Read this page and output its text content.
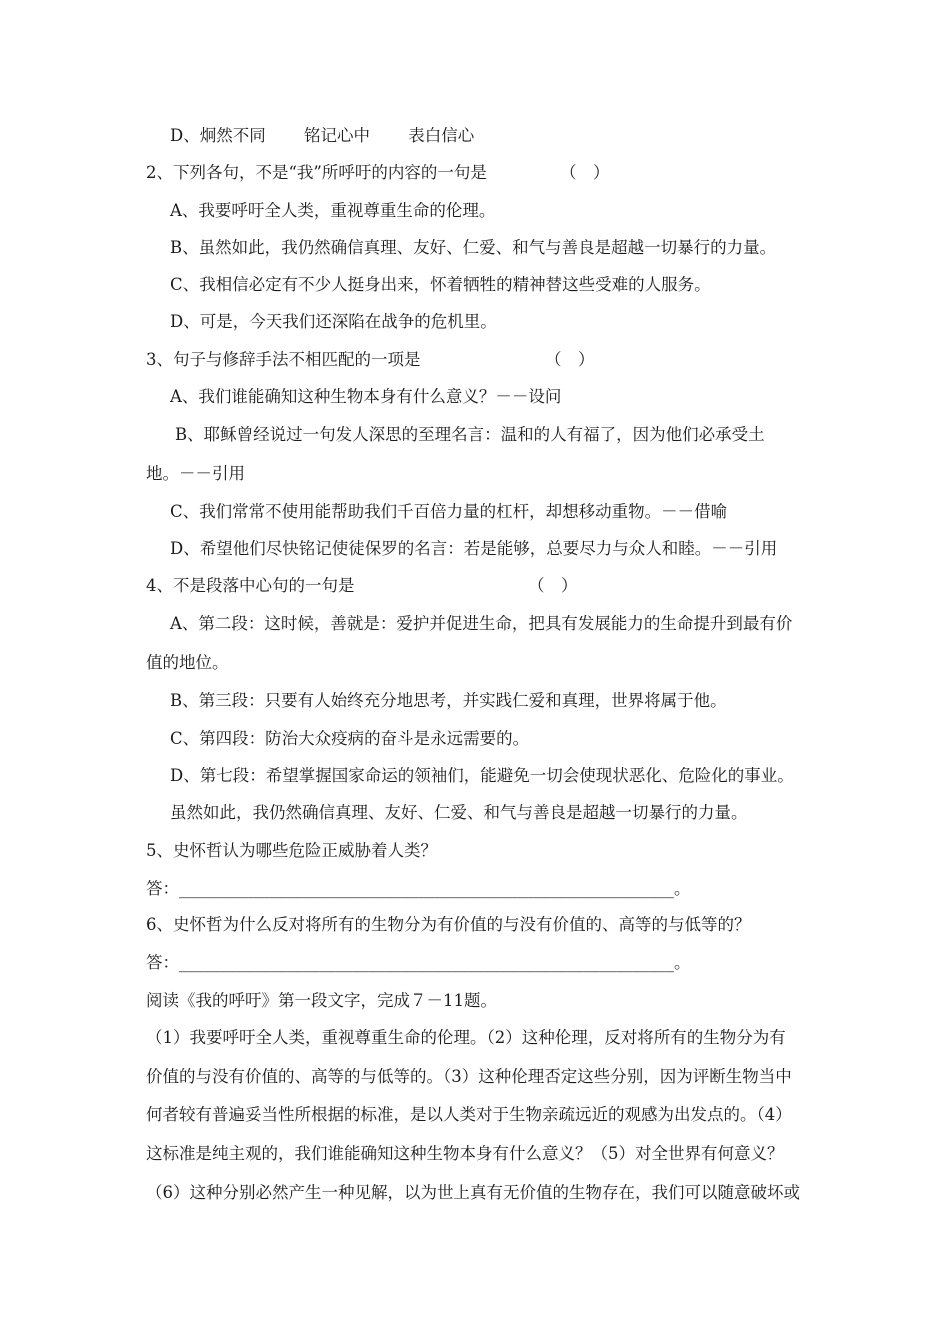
D、炯然不同　　 铭记心中　　 表白信心
2、下列各句，不是“我”所呼吁的内容的一句是	（　）
A、我要呼吁全人类，重视尊重生命的伦理。
B、虽然如此，我仍然确信真理、友好、仁爱、和气与善良是超越一切暴行的力量。
C、我相信必定有不少人挺身出来，怀着牺牲的精神替这些受难的人服务。
D、可是，今天我们还深陷在战争的危机里。
3、句子与修辞手法不相匹配的一项是	（　）
A、我们谁能确知这种生物本身有什么意义？－－设问
B、耶稣曾经说过一句发人深思的至理名言：温和的人有福了，因为他们必承受土
地。－－引用
C、我们常常不使用能帮助我们千百倍力量的杠杆，却想移动重物。－－借喻
D、希望他们尽快铭记使徒保罗的名言：若是能够，总要尽力与众人和睦。－－引用
4、不是段落中心句的一句是	（　）
A、第二段：这时候，善就是：爱护并促进生命，把具有发展能力的生命提升到最有价
值的地位。
B、第三段：只要有人始终充分地思考，并实践仁爱和真理，世界将属于他。
C、第四段：防治大众疫病的奋斗是永远需要的。
D、第七段：希望掌握国家命运的领袖们，能避免一切会使现状恶化、危险化的事业。
虽然如此，我仍然确信真理、友好、仁爱、和气与善良是超越一切暴行的力量。
5、史怀哲认为哪些危险正威胁着人类？
答：____________________________________________________________。
6、史怀哲为什么反对将所有的生物分为有价值的与没有价值的、高等的与低等的？
答：____________________________________________________________。
阅读《我的呼吁》第一段文字，完成７－11题。
（1）我要呼吁全人类，重视尊重生命的伦理。（2）这种伦理，反对将所有的生物分为有
价值的与没有价值的、高等的与低等的。（3）这种伦理否定这些分别，因为评断生物当中
何者较有普遍妥当性所根据的标准，是以人类对于生物亲疏远近的观感为出发点的。（4）
这标准是纯主观的，我们谁能确知这种生物本身有什么意义？（5）对全世界有何意义？
（6）这种分别必然产生一种见解，以为世上真有无价值的生物存在，我们可以随意破坏或
